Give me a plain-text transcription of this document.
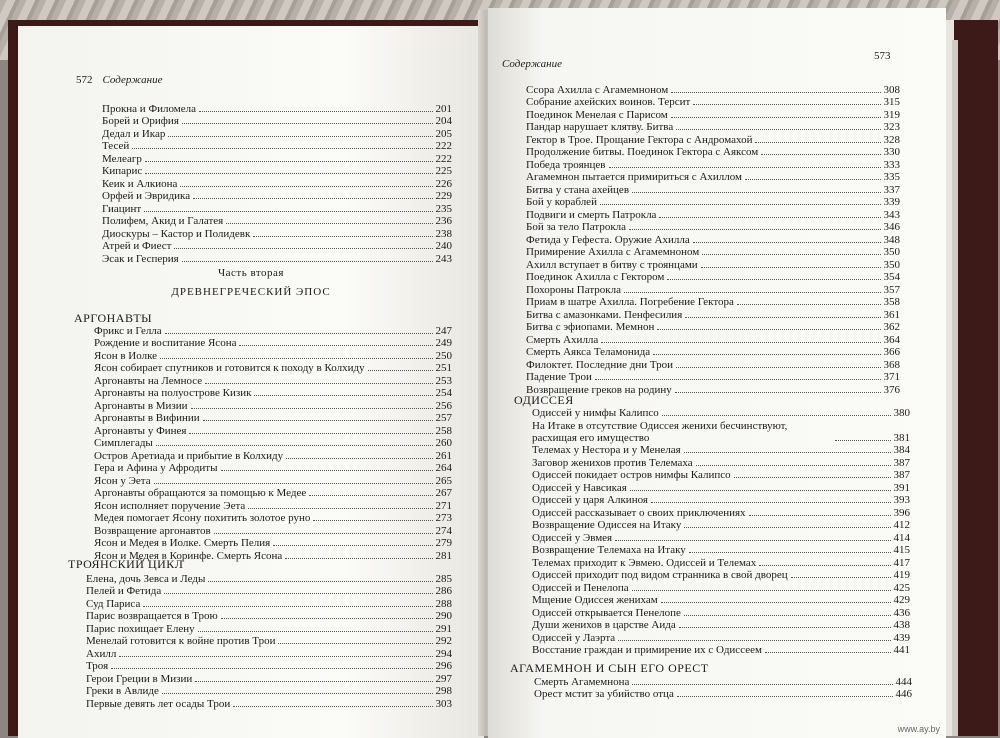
572 Содержание
Прокна и Филомела	201
Борей и Орифия	204
Дедал и Икар	205
Тесей	222
Мелеагр	222
Кипарис	225
Кеик и Алкиона	226
Орфей и Эвридика	229
Гиацинт	235
Полифем, Акид и Галатея	236
Диоскуры – Кастор и Полидевк	238
Атрей и Фиест	240
Эсак и Гесперия	243
Часть вторая
ДРЕВНЕГРЕЧЕСКИЙ ЭПОС
АРГОНАВТЫ
Фрикс и Гелла	247
Рождение и воспитание Ясона	249
Ясон в Иолке	250
Ясон собирает спутников и готовится к походу в Колхиду	251
Аргонавты на Лемносе	253
Аргонавты на полуострове Кизик	254
Аргонавты в Мизии	256
Аргонавты в Вифинии	257
Аргонавты у Финея	258
Симплегады	260
Остров Аретиада и прибытие в Колхиду	261
Гера и Афина у Афродиты	264
Ясон у Эета	265
Аргонавты обращаются за помощью к Медее	267
Ясон исполняет поручение Эета	271
Медея помогает Ясону похитить золотое руно	273
Возвращение аргонавтов	274
Ясон и Медея в Иолке. Смерть Пелия	279
Ясон и Медея в Коринфе. Смерть Ясона	281
ТРОЯНСКИЙ ЦИКЛ
Елена, дочь Зевса и Леды	285
Пелей и Фетида	286
Суд Париса	288
Парис возвращается в Трою	290
Парис похищает Елену	291
Менелай готовится к войне против Трои	292
Ахилл	294
Троя	296
Герои Греции в Мизии	297
Греки в Авлиде	298
Первые девять лет осады Трои	303
Содержание
573
Ссора Ахилла с Агамемноном	308
Собрание ахейских воинов. Терсит	315
Поединок Менелая с Парисом	319
Пандар нарушает клятву. Битва	323
Гектор в Трое. Прощание Гектора с Андромахой	328
Продолжение битвы. Поединок Гектора с Аяксом	330
Победа троянцев	333
Агамемнон пытается примириться с Ахиллом	335
Битва у стана ахейцев	337
Бой у кораблей	339
Подвиги и смерть Патрокла	343
Бой за тело Патрокла	346
Фетида у Гефеста. Оружие Ахилла	348
Примирение Ахилла с Агамемноном	350
Ахилл вступает в битву с троянцами	350
Поединок Ахилла с Гектором	354
Похороны Патрокла	357
Приам в шатре Ахилла. Погребение Гектора	358
Битва с амазонками. Пенфесилия	361
Битва с эфиопами. Мемнон	362
Смерть Ахилла	364
Смерть Аякса Теламонида	366
Филоктет. Последние дни Трои	368
Падение Трои	371
Возвращение греков на родину	376
ОДИССЕЯ
Одиссей у нимфы Калипсо	380
На Итаке в отсутствие Одиссея женихи бесчинствуют, расхищая его имущество	381
Телемах у Нестора и у Менелая	384
Заговор женихов против Телемаха	387
Одиссей покидает остров нимфы Калипсо	387
Одиссей у Навсикая	391
Одиссей у царя Алкиноя	393
Одиссей рассказывает о своих приключениях	396
Возвращение Одиссея на Итаку	412
Одиссей у Эвмея	414
Возвращение Телемаха на Итаку	415
Телемах приходит к Эвмею. Одиссей и Телемах	417
Одиссей приходит под видом странника в свой дворец	419
Одиссей и Пенелопа	425
Мщение Одиссея женихам	429
Одиссей открывается Пенелопе	436
Души женихов в царстве Аида	438
Одиссей у Лаэрта	439
Восстание граждан и примирение их с Одиссеем	441
АГАМЕМНОН И СЫН ЕГО ОРЕСТ
Смерть Агамемнона	444
Орест мстит за убийство отца	446
www.ay.by
